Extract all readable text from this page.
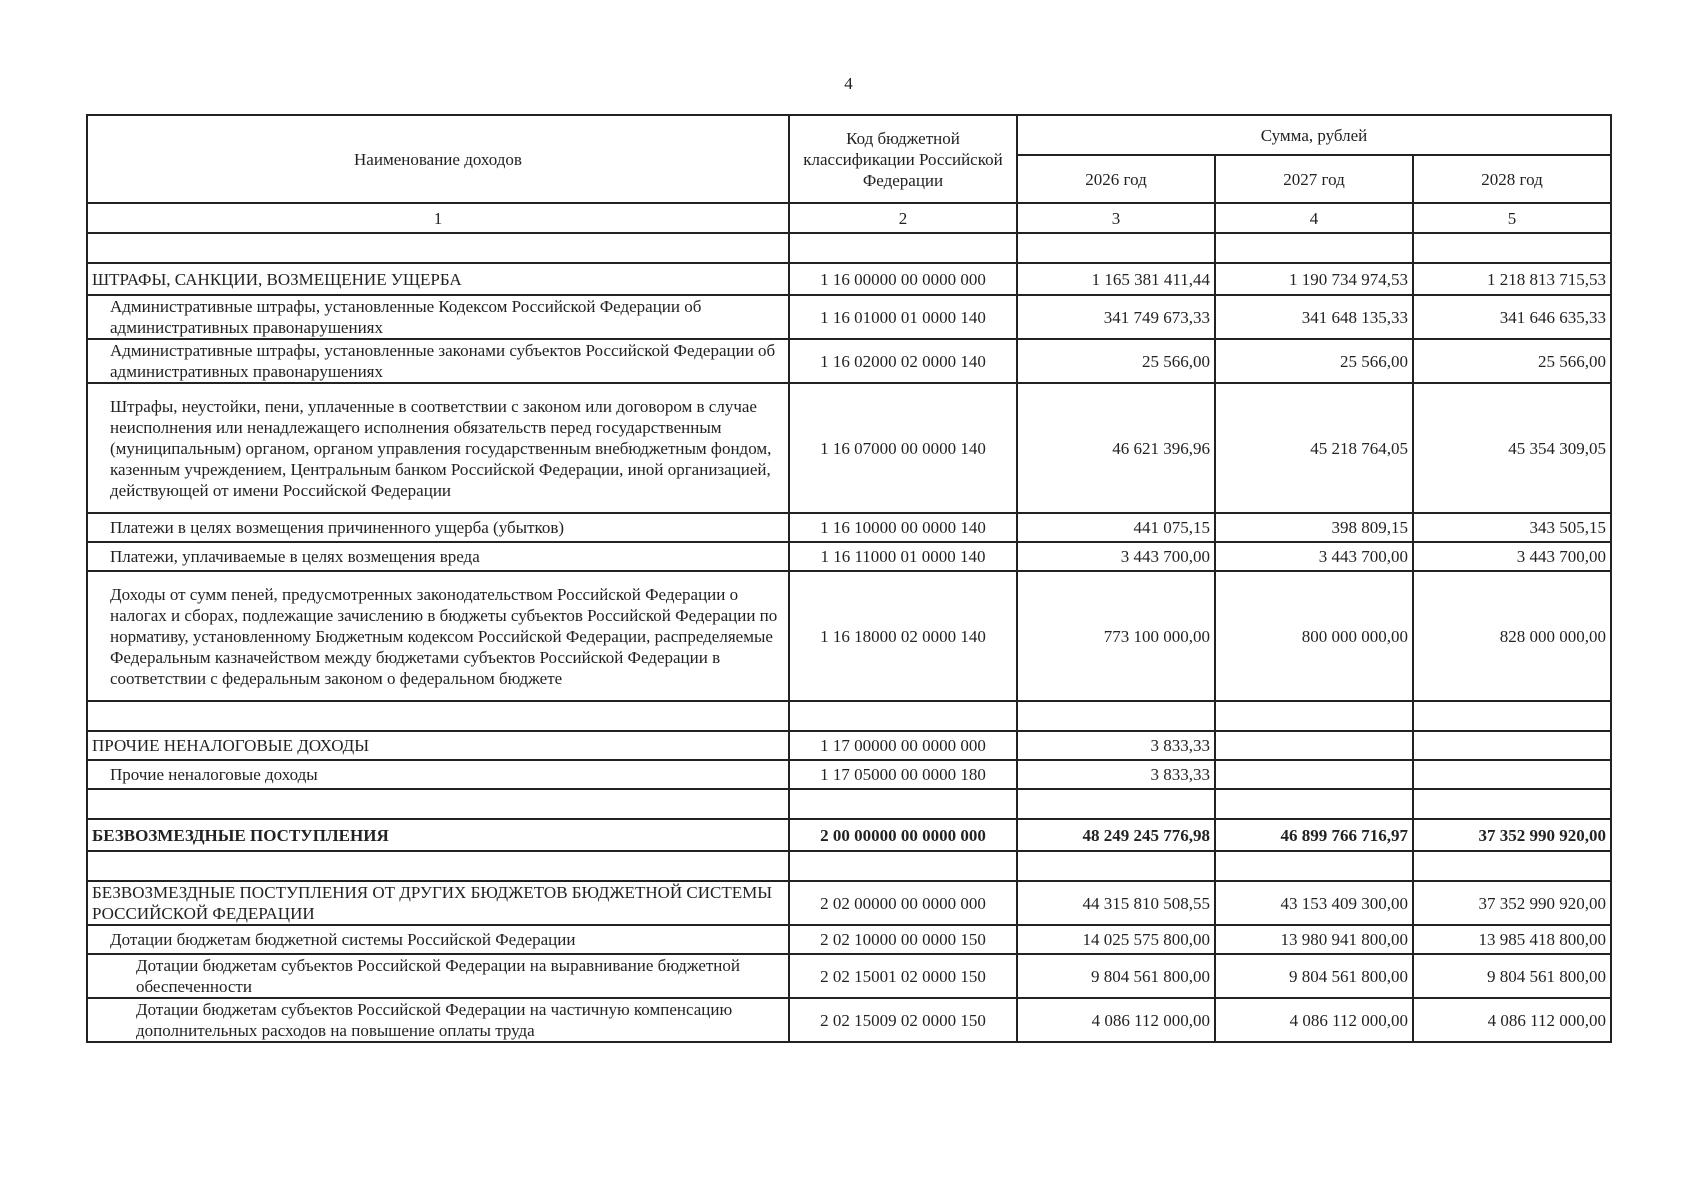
4
Наименование доходов	Код бюджетной классификации Российской Федерации	Сумма, рублей		
		2026 год	2027 год	2028 год
1	2	3	4	5

ШТРАФЫ, САНКЦИИ, ВОЗМЕЩЕНИЕ УЩЕРБА	1 16 00000 00 0000 000	1 165 381 411,44	1 190 734 974,53	1 218 813 715,53
Административные штрафы, установленные Кодексом Российской Федерации об административных правонарушениях	1 16 01000 01 0000 140	341 749 673,33	341 648 135,33	341 646 635,33
Административные штрафы, установленные законами субъектов Российской Федерации об административных правонарушениях	1 16 02000 02 0000 140	25 566,00	25 566,00	25 566,00
Штрафы, неустойки, пени, уплаченные в соответствии с законом или договором в случае неисполнения или ненадлежащего исполнения обязательств перед государственным (муниципальным) органом, органом управления государственным внебюджетным фондом, казенным учреждением, Центральным банком Российской Федерации, иной организацией, действующей от имени Российской Федерации	1 16 07000 00 0000 140	46 621 396,96	45 218 764,05	45 354 309,05
Платежи в целях возмещения причиненного ущерба (убытков)	1 16 10000 00 0000 140	441 075,15	398 809,15	343 505,15
Платежи, уплачиваемые в целях возмещения вреда	1 16 11000 01 0000 140	3 443 700,00	3 443 700,00	3 443 700,00
Доходы от сумм пеней, предусмотренных законодательством Российской Федерации о налогах и сборах, подлежащие зачислению в бюджеты субъектов Российской Федерации по нормативу, установленному Бюджетным кодексом Российской Федерации, распределяемые Федеральным казначейством между бюджетами субъектов Российской Федерации в соответствии с федеральным законом о федеральном бюджете	1 16 18000 02 0000 140	773 100 000,00	800 000 000,00	828 000 000,00

ПРОЧИЕ НЕНАЛОГОВЫЕ ДОХОДЫ	1 17 00000 00 0000 000	3 833,33		
Прочие неналоговые доходы	1 17 05000 00 0000 180	3 833,33		

БЕЗВОЗМЕЗДНЫЕ ПОСТУПЛЕНИЯ	2 00 00000 00 0000 000	48 249 245 776,98	46 899 766 716,97	37 352 990 920,00

БЕЗВОЗМЕЗДНЫЕ ПОСТУПЛЕНИЯ ОТ ДРУГИХ БЮДЖЕТОВ БЮДЖЕТНОЙ СИСТЕМЫ РОССИЙСКОЙ ФЕДЕРАЦИИ	2 02 00000 00 0000 000	44 315 810 508,55	43 153 409 300,00	37 352 990 920,00
Дотации бюджетам бюджетной системы Российской Федерации	2 02 10000 00 0000 150	14 025 575 800,00	13 980 941 800,00	13 985 418 800,00
Дотации бюджетам субъектов Российской Федерации на выравнивание бюджетной обеспеченности	2 02 15001 02 0000 150	9 804 561 800,00	9 804 561 800,00	9 804 561 800,00
Дотации бюджетам субъектов Российской Федерации на частичную компенсацию дополнительных расходов на повышение оплаты труда	2 02 15009 02 0000 150	4 086 112 000,00	4 086 112 000,00	4 086 112 000,00
